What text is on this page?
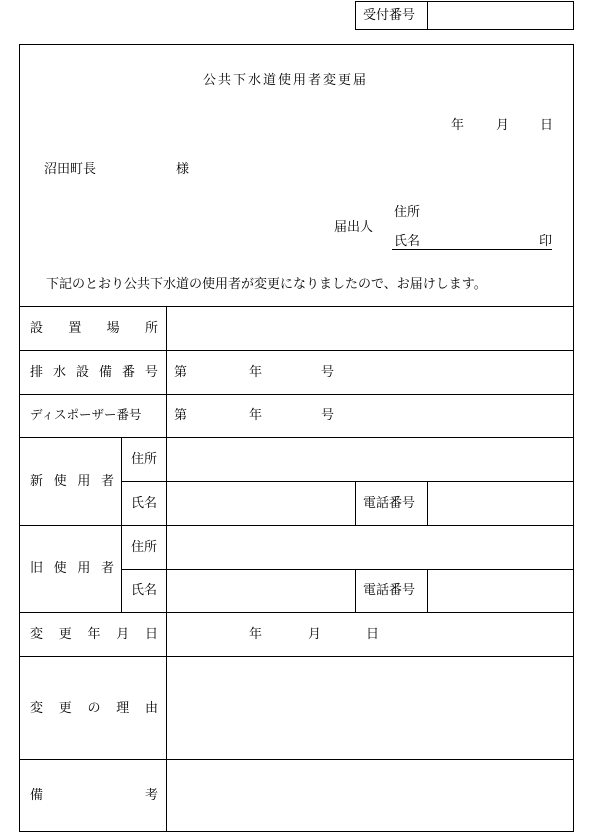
受付番号
公共下水道使用者変更届
年 月 日
沼田町長	様
届出人
住所
氏名	印
下記のとおり公共下水道の使用者が変更になりましたので、お届けします。
設 置 場 所
排 水 設 備 番 号 第	年	号
ディスポーザー番号 第	年	号
新 使 用 者
住所
氏名	電話番号
旧 使 用 者
住所
氏名	電話番号
変 更 年 月 日	年	月	日
変 更 の 理 由
備	考
